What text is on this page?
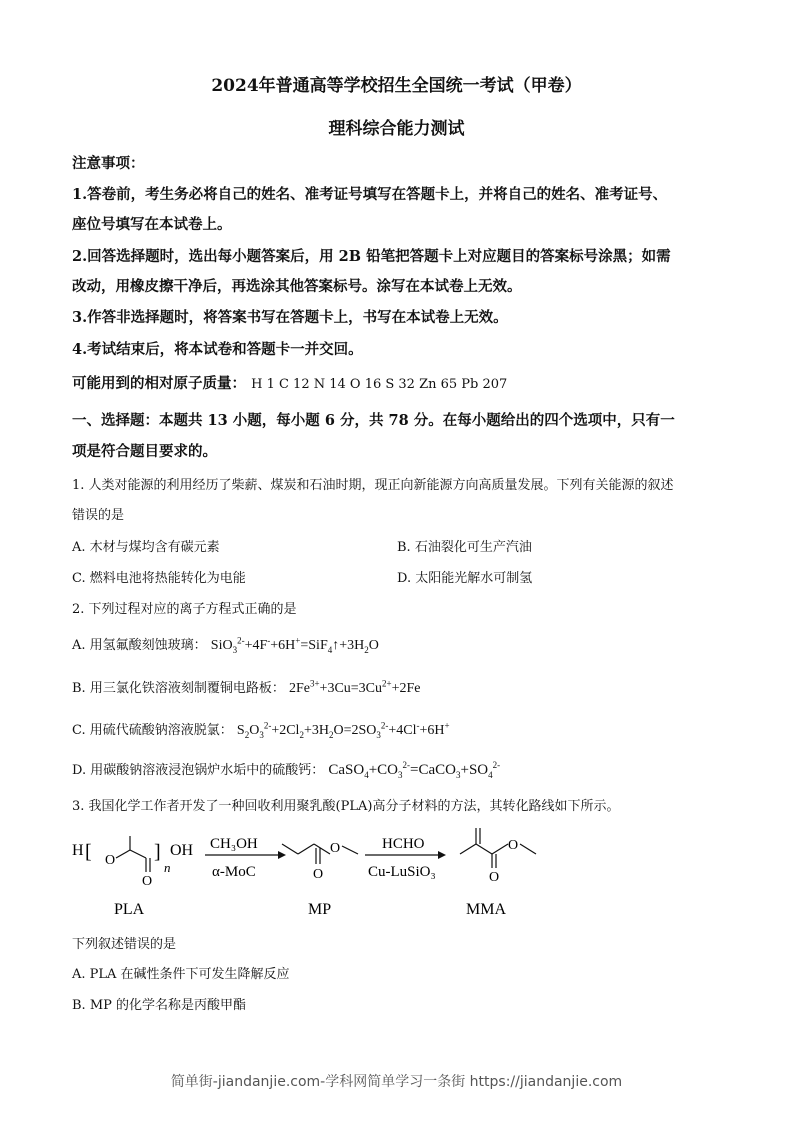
2024年普通高等学校招生全国统一考试（甲卷）
理科综合能力测试
注意事项：
1.答卷前，考生务必将自己的姓名、准考证号填写在答题卡上，并将自己的姓名、准考证号、
座位号填写在本试卷上。
2.回答选择题时，选出每小题答案后，用 2B 铅笔把答题卡上对应题目的答案标号涂黑；如需
改动，用橡皮擦干净后，再选涂其他答案标号。涂写在本试卷上无效。
3.作答非选择题时，将答案书写在答题卡上，书写在本试卷上无效。
4.考试结束后，将本试卷和答题卡一并交回。
可能用到的相对原子质量： H 1 C 12 N 14 O 16 S 32 Zn 65 Pb 207
一、选择题：本题共 13 小题，每小题 6 分，共 78 分。在每小题给出的四个选项中，只有一
项是符合题目要求的。
1. 人类对能源的利用经历了柴薪、煤炭和石油时期，现正向新能源方向高质量发展。下列有关能源的叙述
错误的是
A. 木材与煤均含有碳元素	B. 石油裂化可生产汽油
C. 燃料电池将热能转化为电能	D. 太阳能光解水可制氢
2. 下列过程对应的离子方程式正确的是
A. 用氢氟酸刻蚀玻璃： $SiO_3^{2-}+4F^-+6H^+=SiF_4↑+3H_2O$
B. 用三氯化铁溶液刻制覆铜电路板： $2Fe^{3+}+3Cu=3Cu^{2+}+2Fe$
C. 用硫代硫酸钠溶液脱氯： $S_2O_3^{2-}+2Cl_2+3H_2O=2SO_3^{2-}+4Cl^-+6H^+$
D. 用碳酸钠溶液浸泡锅炉水垢中的硫酸钙： $CaSO_4+CO_3^{2-}=CaCO_3+SO_4^{2-}$
3. 我国化学工作者开发了一种回收利用聚乳酸(PLA)高分子材料的方法，其转化路线如下所示。
H [ O
O
]
n
OH CH₃OH
α-MoC	O
O	HCHO
Cu-LuSiO₃	O
O
PLA	MP	MMA
下列叙述错误的是
A. PLA 在碱性条件下可发生降解反应
B. MP 的化学名称是丙酸甲酯
简单街-jiandanjie.com-学科网简单学习一条街 https://jiandanjie.com
